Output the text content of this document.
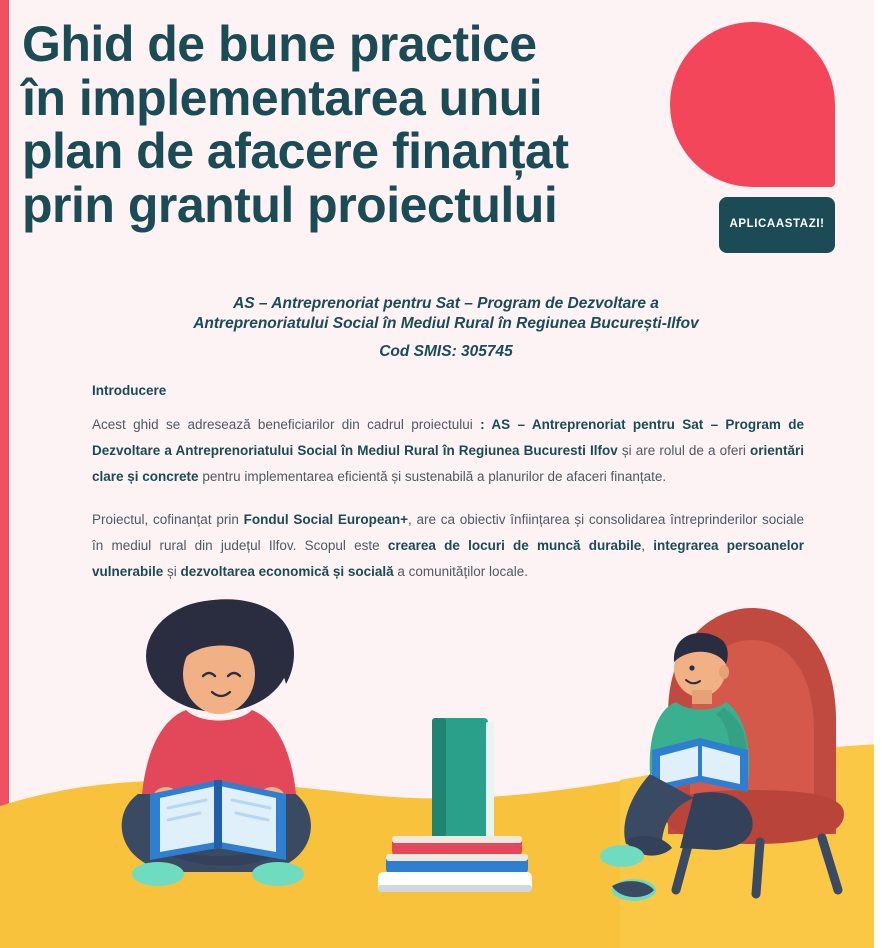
Ghid de bune practice
în implementarea unui
plan de afacere finanțat
prin grantul proiectului	APLICA ASTAZI!
AS – Antreprenoriat pentru Sat – Program de Dezvoltare a
Antreprenoriatului Social în Mediul Rural în Regiunea București-Ilfov
Cod SMIS: 305745
Introducere

Acest ghid se adresează beneficiarilor din cadrul proiectului : AS – Antreprenoriat pentru Sat – Program de Dezvoltare a Antreprenoriatului Social în Mediul Rural în Regiunea Bucuresti Ilfov și are rolul de a oferi orientări clare și concrete pentru implementarea eficientă și sustenabilă a planurilor de afaceri finanțate.

Proiectul, cofinanțat prin Fondul Social European+, are ca obiectiv înființarea și consolidarea întreprinderilor sociale în mediul rural din județul Ilfov. Scopul este crearea de locuri de muncă durabile, integrarea persoanelor vulnerabile și dezvoltarea economică și socială a comunităților locale.
